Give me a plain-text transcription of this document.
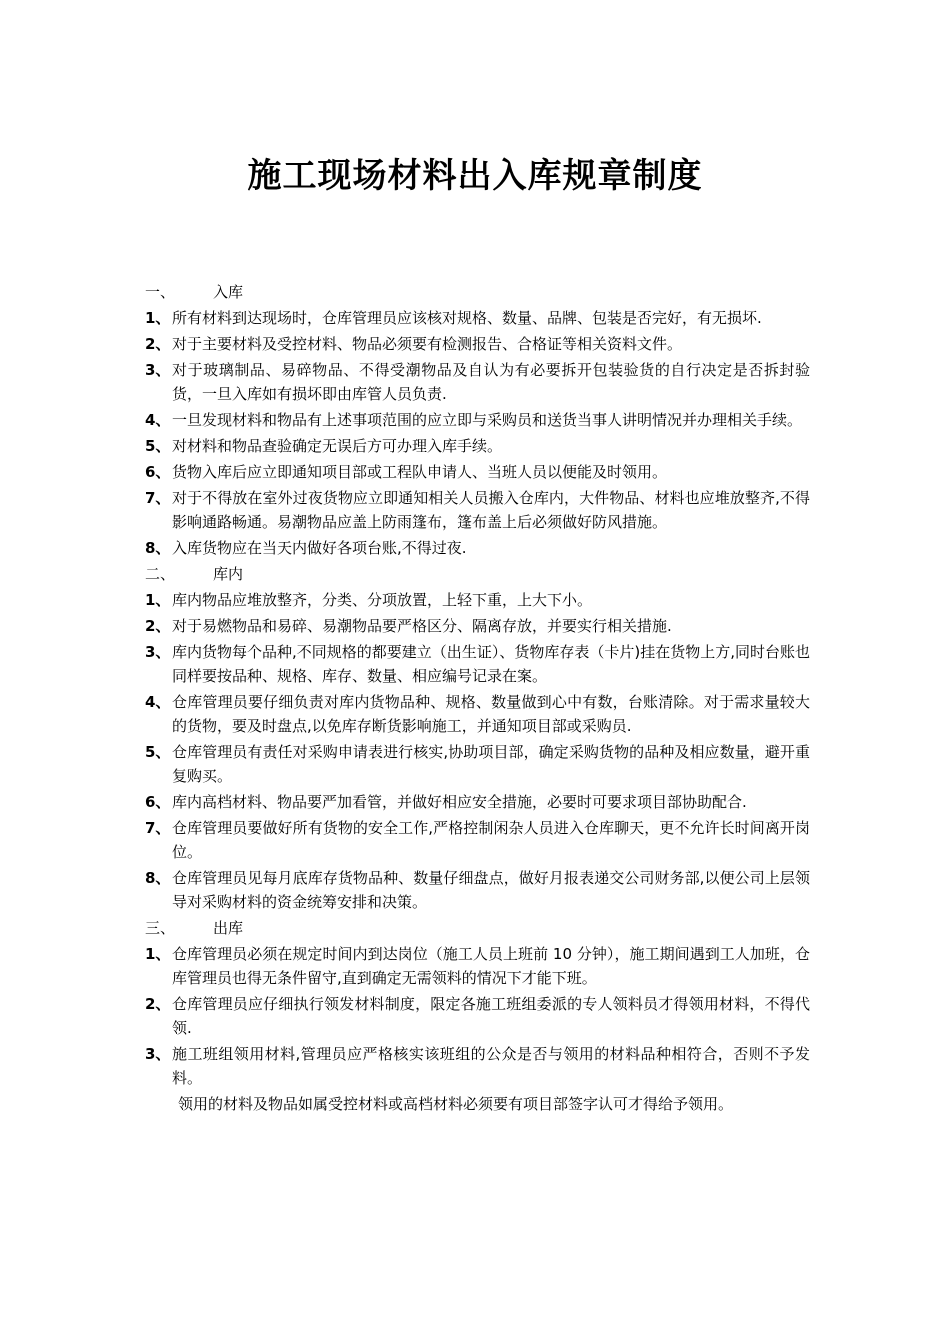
施工现场材料出入库规章制度
一、	入库
1、 所有材料到达现场时，仓库管理员应该核对规格、数量、品牌、包装是否完好，有无损坏.
2、 对于主要材料及受控材料、物品必须要有检测报告、合格证等相关资料文件。
3、 对于玻璃制品、易碎物品、不得受潮物品及自认为有必要拆开包装验货的自行决定是否拆封验货，一旦入库如有损坏即由库管人员负责.
4、 一旦发现材料和物品有上述事项范围的应立即与采购员和送货当事人讲明情况并办理相关手续。
5、 对材料和物品查验确定无误后方可办理入库手续。
6、 货物入库后应立即通知项目部或工程队申请人、当班人员以便能及时领用。
7、 对于不得放在室外过夜货物应立即通知相关人员搬入仓库内，大件物品、材料也应堆放整齐,不得影响通路畅通。易潮物品应盖上防雨篷布，篷布盖上后必须做好防风措施。
8、 入库货物应在当天内做好各项台账,不得过夜.
二、	库内
1、 库内物品应堆放整齐，分类、分项放置，上轻下重，上大下小。
2、 对于易燃物品和易碎、易潮物品要严格区分、隔离存放，并要实行相关措施.
3、 库内货物每个品种,不同规格的都要建立（出生证）、货物库存表（卡片)挂在货物上方,同时台账也同样要按品种、规格、库存、数量、相应编号记录在案。
4、 仓库管理员要仔细负责对库内货物品种、规格、数量做到心中有数，台账清除。对于需求量较大的货物，要及时盘点,以免库存断货影响施工，并通知项目部或采购员.
5、 仓库管理员有责任对采购申请表进行核实,协助项目部，确定采购货物的品种及相应数量，避开重复购买。
6、 库内高档材料、物品要严加看管，并做好相应安全措施，必要时可要求项目部协助配合.
7、 仓库管理员要做好所有货物的安全工作,严格控制闲杂人员进入仓库聊天，更不允许长时间离开岗位。
8、 仓库管理员见每月底库存货物品种、数量仔细盘点，做好月报表递交公司财务部,以便公司上层领导对采购材料的资金统筹安排和决策。
三、	出库
1、 仓库管理员必须在规定时间内到达岗位（施工人员上班前 10 分钟），施工期间遇到工人加班，仓库管理员也得无条件留守,直到确定无需领料的情况下才能下班。
2、 仓库管理员应仔细执行领发材料制度，限定各施工班组委派的专人领料员才得领用材料，不得代领.
3、 施工班组领用材料,管理员应严格核实该班组的公众是否与领用的材料品种相符合，否则不予发料。
领用的材料及物品如属受控材料或高档材料必须要有项目部签字认可才得给予领用。
